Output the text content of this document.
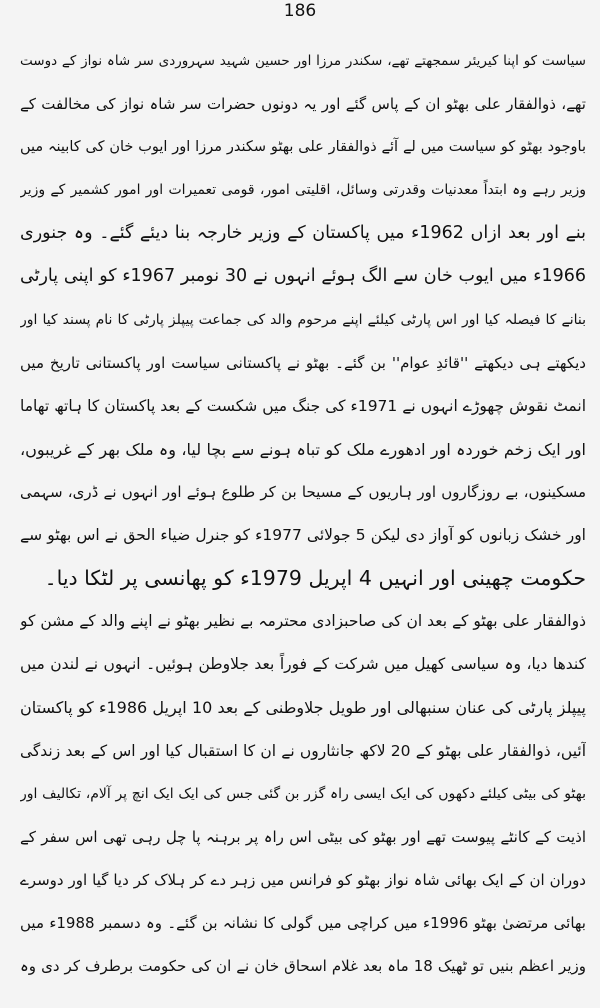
186
سیاست کو اپنا کیریئر سمجھتے تھے، سکندر مرزا اور حسین شہید سہروردی سر شاہ نواز کے دوست
تھے، ذوالفقار علی بھٹو ان کے پاس گئے اور یہ دونوں حضرات سر شاہ نواز کی مخالفت کے
باوجود بھٹو کو سیاست میں لے آئے ذوالفقار علی بھٹو سکندر مرزا اور ایوب خان کی کابینہ میں
وزیر رہے وہ ابتداً معدنیات وقدرتی وسائل، اقلیتی امور، قومی تعمیرات اور امور کشمیر کے وزیر
بنے اور بعد ازاں 1962ء میں پاکستان کے وزیر خارجہ بنا دیئے گئے۔ وہ جنوری
1966ء میں ایوب خان سے الگ ہوئے انہوں نے 30 نومبر 1967ء کو اپنی پارٹی
بنانے کا فیصلہ کیا اور اس پارٹی کیلئے اپنے مرحوم والد کی جماعت پیپلز پارٹی کا نام پسند کیا اور
دیکھتے ہی دیکھتے ''قائدِ عوام'' بن گئے۔ بھٹو نے پاکستانی سیاست اور پاکستانی تاریخ میں
انمٹ نقوش چھوڑے انہوں نے 1971ء کی جنگ میں شکست کے بعد پاکستان کا ہاتھ تھاما
اور ایک زخم خوردہ اور ادھورے ملک کو تباہ ہونے سے بچا لیا، وہ ملک بھر کے غریبوں،
مسکینوں، بے روزگاروں اور ہاریوں کے مسیحا بن کر طلوع ہوئے اور انہوں نے ڈری، سہمی
اور خشک زبانوں کو آواز دی لیکن 5 جولائی 1977ء کو جنرل ضیاء الحق نے اس بھٹو سے
حکومت چھینی اور انہیں 4 اپریل 1979ء کو پھانسی پر لٹکا دیا۔
ذوالفقار علی بھٹو کے بعد ان کی صاحبزادی محترمہ بے نظیر بھٹو نے اپنے والد کے مشن کو
کندھا دیا، وہ سیاسی کھیل میں شرکت کے فوراً بعد جلاوطن ہوئیں۔ انہوں نے لندن میں
پیپلز پارٹی کی عنان سنبھالی اور طویل جلاوطنی کے بعد 10 اپریل 1986ء کو پاکستان
آئیں، ذوالفقار علی بھٹو کے 20 لاکھ جانثاروں نے ان کا استقبال کیا اور اس کے بعد زندگی
بھٹو کی بیٹی کیلئے دکھوں کی ایک ایسی راہ گزر بن گئی جس کی ایک ایک انچ پر آلام، تکالیف اور
اذیت کے کانٹے پیوست تھے اور بھٹو کی بیٹی اس راہ پر برہنہ پا چل رہی تھی اس سفر کے
دوران ان کے ایک بھائی شاہ نواز بھٹو کو فرانس میں زہر دے کر ہلاک کر دیا گیا اور دوسرے
بھائی مرتضیٰ بھٹو 1996ء میں کراچی میں گولی کا نشانہ بن گئے۔ وہ دسمبر 1988ء میں
وزیر اعظم بنیں تو ٹھیک 18 ماہ بعد غلام اسحاق خان نے ان کی حکومت برطرف کر دی وہ
